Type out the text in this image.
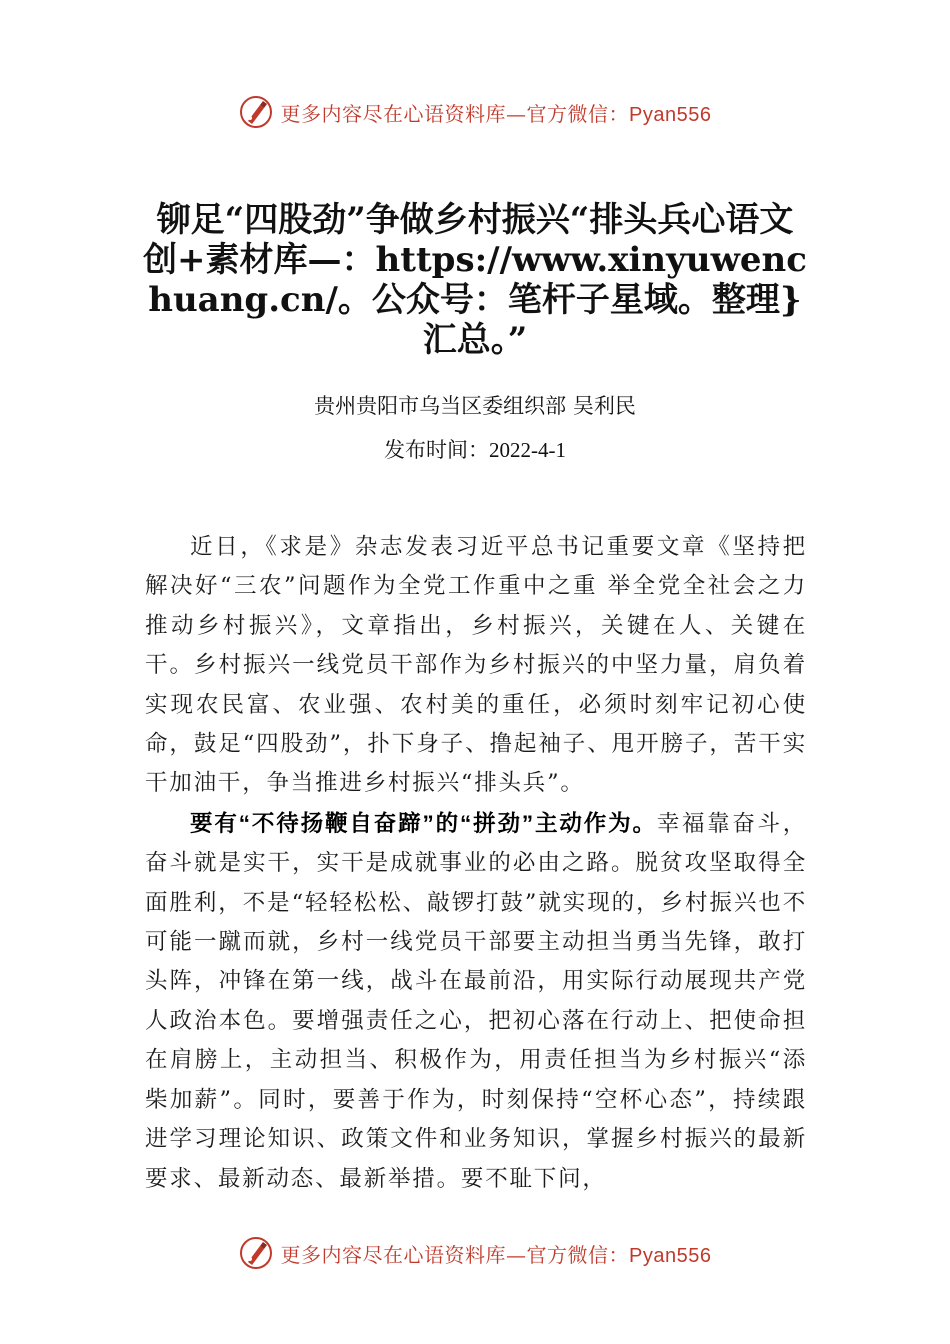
更多内容尽在心语资料库—官方微信：Pyan556
铆足“四股劲”争做乡村振兴“排头兵心语文创+素材库—：https://www.xinyuwenchuang.cn/。公众号：笔杆子星域。整理}汇总。”
贵州贵阳市乌当区委组织部 吴利民
发布时间：2022-4-1

近日，《求是》杂志发表习近平总书记重要文章《坚持把解决好“三农”问题作为全党工作重中之重 举全党全社会之力推动乡村振兴》，文章指出，乡村振兴，关键在人、关键在干。乡村振兴一线党员干部作为乡村振兴的中坚力量，肩负着实现农民富、农业强、农村美的重任，必须时刻牢记初心使命，鼓足“四股劲”，扑下身子、撸起袖子、甩开膀子，苦干实干加油干，争当推进乡村振兴“排头兵”。

要有“不待扬鞭自奋蹄”的“拼劲”主动作为。幸福靠奋斗，奋斗就是实干，实干是成就事业的必由之路。脱贫攻坚取得全面胜利，不是“轻轻松松、敲锣打鼓”就实现的，乡村振兴也不可能一蹴而就，乡村一线党员干部要主动担当勇当先锋，敢打头阵，冲锋在第一线，战斗在最前沿，用实际行动展现共产党人政治本色。要增强责任之心，把初心落在行动上、把使命担在肩膀上，主动担当、积极作为，用责任担当为乡村振兴“添柴加薪”。同时，要善于作为，时刻保持“空杯心态”，持续跟进学习理论知识、政策文件和业务知识，掌握乡村振兴的最新要求、最新动态、最新举措。要不耻下问，

更多内容尽在心语资料库—官方微信：Pyan556
